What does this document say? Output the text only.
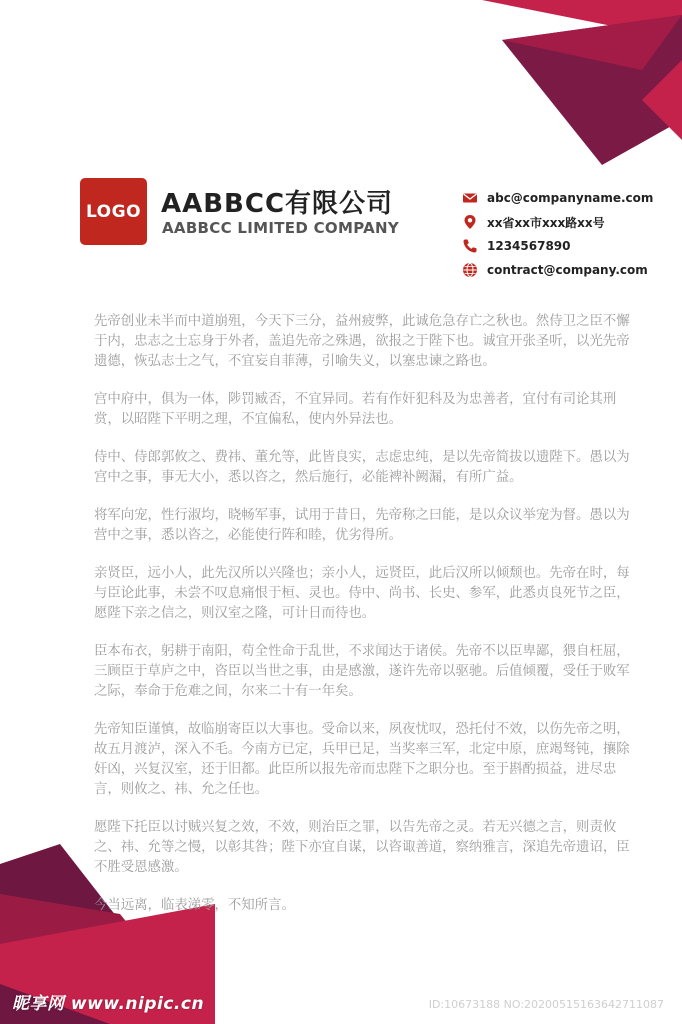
LOGO AABBCC有限公司
AABBCC LIMITED COMPANY
abc@companyname.com
xx省xx市xxx路xx号
1234567890
contract@company.com

先帝创业未半而中道崩殂，今天下三分，益州疲弊，此诚危急存亡之秋也。然侍卫之臣不懈于内，忠志之士忘身于外者，盖追先帝之殊遇，欲报之于陛下也。诚宜开张圣听，以光先帝遗德，恢弘志士之气，不宜妄自菲薄，引喻失义，以塞忠谏之路也。

宫中府中，俱为一体，陟罚臧否，不宜异同。若有作奸犯科及为忠善者，宜付有司论其刑赏，以昭陛下平明之理，不宜偏私，使内外异法也。

侍中、侍郎郭攸之、费祎、董允等，此皆良实，志虑忠纯，是以先帝简拔以遗陛下。愚以为宫中之事，事无大小，悉以咨之，然后施行，必能裨补阙漏，有所广益。

将军向宠，性行淑均，晓畅军事，试用于昔日，先帝称之曰能，是以众议举宠为督。愚以为营中之事，悉以咨之，必能使行阵和睦，优劣得所。

亲贤臣，远小人，此先汉所以兴隆也；亲小人，远贤臣，此后汉所以倾颓也。先帝在时，每与臣论此事，未尝不叹息痛恨于桓、灵也。侍中、尚书、长史、参军，此悉贞良死节之臣，愿陛下亲之信之，则汉室之隆，可计日而待也。

臣本布衣，躬耕于南阳，苟全性命于乱世，不求闻达于诸侯。先帝不以臣卑鄙，猥自枉屈，三顾臣于草庐之中，咨臣以当世之事，由是感激，遂许先帝以驱驰。后值倾覆，受任于败军之际，奉命于危难之间，尔来二十有一年矣。

先帝知臣谨慎，故临崩寄臣以大事也。受命以来，夙夜忧叹，恐托付不效，以伤先帝之明，故五月渡泸，深入不毛。今南方已定，兵甲已足，当奖率三军，北定中原，庶竭驽钝，攘除奸凶，兴复汉室，还于旧都。此臣所以报先帝而忠陛下之职分也。至于斟酌损益，进尽忠言，则攸之、祎、允之任也。

愿陛下托臣以讨贼兴复之效，不效，则治臣之罪，以告先帝之灵。若无兴德之言，则责攸之、祎、允等之慢，以彰其咎；陛下亦宜自谋，以咨诹善道，察纳雅言，深追先帝遗诏，臣不胜受恩感激。

今当远离，临表涕零，不知所言。

昵享网 www.nipic.cn	ID:10673188 NO:20200515163642711087
